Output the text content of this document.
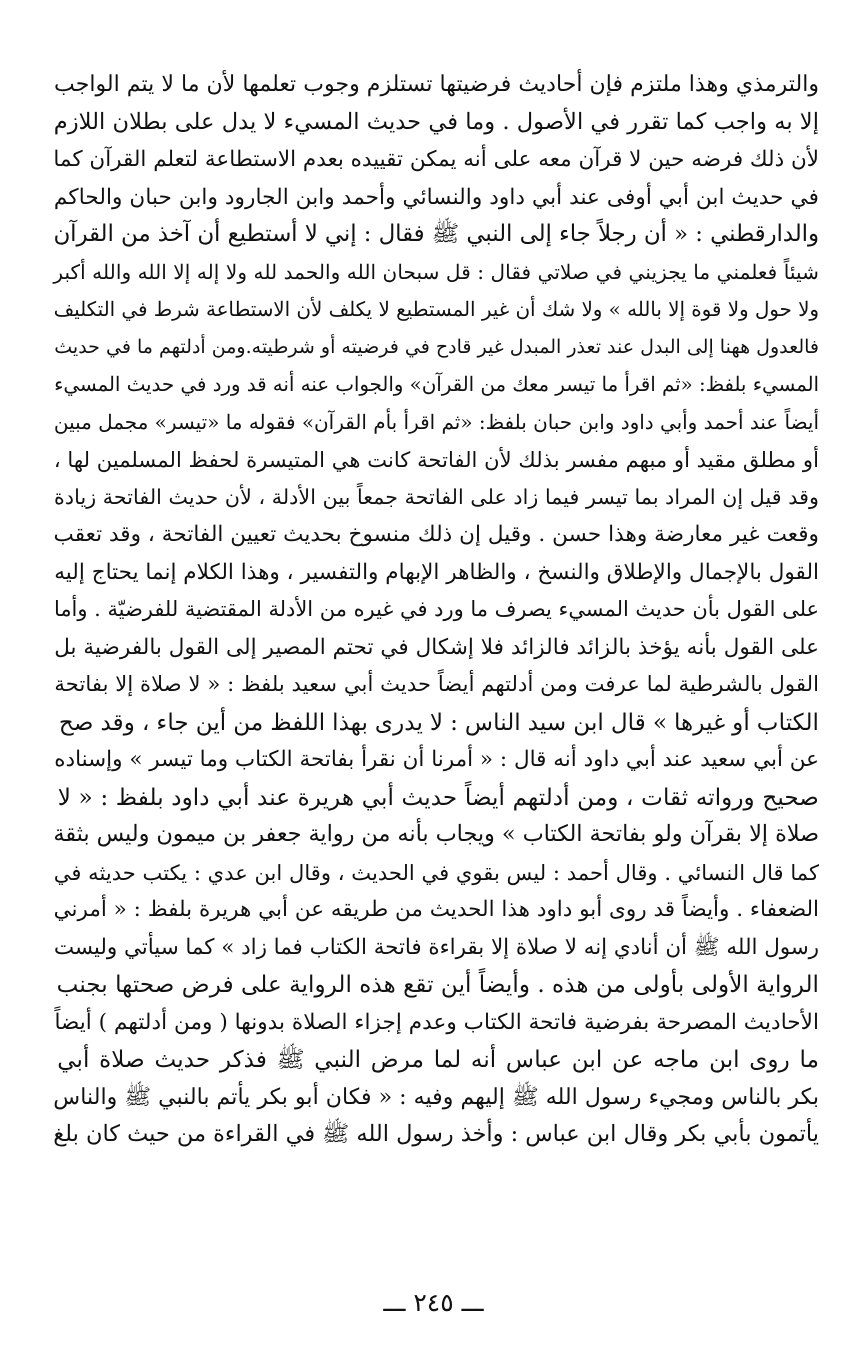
والترمذي وهذا ملتزم فإن أحاديث فرضيتها تستلزم وجوب تعلمها لأن ما لا يتم الواجب
إلا به واجب كما تقرر في الأصول . وما في حديث المسيء لا يدل على بطلان اللازم
لأن ذلك فرضه حين لا قرآن معه على أنه يمكن تقييده بعدم الاستطاعة لتعلم القرآن كما
في حديث ابن أبي أوفى عند أبي داود والنسائي وأحمد وابن الجارود وابن حبان والحاكم
والدارقطني : « أن رجلاً جاء إلى النبي ﷺ فقال : إني لا أستطيع أن آخذ من القرآن
شيئاً فعلمني ما يجزيني في صلاتي فقال : قل سبحان الله والحمد لله ولا إله إلا الله والله أكبر
ولا حول ولا قوة إلا بالله » ولا شك أن غير المستطيع لا يكلف لأن الاستطاعة شرط في التكليف
فالعدول ههنا إلى البدل عند تعذر المبدل غير قادح في فرضيته أو شرطيته.ومن أدلتهم ما في حديث
المسيء بلفظ: «ثم اقرأ ما تيسر معك من القرآن» والجواب عنه أنه قد ورد في حديث المسيء
أيضاً عند أحمد وأبي داود وابن حبان بلفظ: «ثم اقرأ بأم القرآن» فقوله ما «تيسر» مجمل مبين
أو مطلق مقيد أو مبهم مفسر بذلك لأن الفاتحة كانت هي المتيسرة لحفظ المسلمين لها ،
وقد قيل إن المراد بما تيسر فيما زاد على الفاتحة جمعاً بين الأدلة ، لأن حديث الفاتحة زيادة
وقعت غير معارضة وهذا حسن . وقيل إن ذلك منسوخ بحديث تعيين الفاتحة ، وقد تعقب
القول بالإجمال والإطلاق والنسخ ، والظاهر الإبهام والتفسير ، وهذا الكلام إنما يحتاج إليه
على القول بأن حديث المسيء يصرف ما ورد في غيره من الأدلة المقتضية للفرضيّة . وأما
على القول بأنه يؤخذ بالزائد فالزائد فلا إشكال في تحتم المصير إلى القول بالفرضية بل
القول بالشرطية لما عرفت ومن أدلتهم أيضاً حديث أبي سعيد بلفظ : « لا صلاة إلا بفاتحة
الكتاب أو غيرها » قال ابن سيد الناس : لا يدرى بهذا اللفظ من أين جاء ، وقد صح
عن أبي سعيد عند أبي داود أنه قال : « أمرنا أن نقرأ بفاتحة الكتاب وما تيسر » وإسناده
صحيح ورواته ثقات ، ومن أدلتهم أيضاً حديث أبي هريرة عند أبي داود بلفظ : « لا
صلاة إلا بقرآن ولو بفاتحة الكتاب » ويجاب بأنه من رواية جعفر بن ميمون وليس بثقة
كما قال النسائي . وقال أحمد : ليس بقوي في الحديث ، وقال ابن عدي : يكتب حديثه في
الضعفاء . وأيضاً قد روى أبو داود هذا الحديث من طريقه عن أبي هريرة بلفظ : « أمرني
رسول الله ﷺ أن أنادي إنه لا صلاة إلا بقراءة فاتحة الكتاب فما زاد » كما سيأتي وليست
الرواية الأولى بأولى من هذه . وأيضاً أين تقع هذه الرواية على فرض صحتها بجنب
الأحاديث المصرحة بفرضية فاتحة الكتاب وعدم إجزاء الصلاة بدونها ( ومن أدلتهم ) أيضاً
ما روى ابن ماجه عن ابن عباس أنه لما مرض النبي ﷺ فذكر حديث صلاة أبي
بكر بالناس ومجيء رسول الله ﷺ إليهم وفيه : « فكان أبو بكر يأتم بالنبي ﷺ والناس
يأتمون بأبي بكر وقال ابن عباس : وأخذ رسول الله ﷺ في القراءة من حيث كان بلغ
ـــ ٢٤٥ ـــ
